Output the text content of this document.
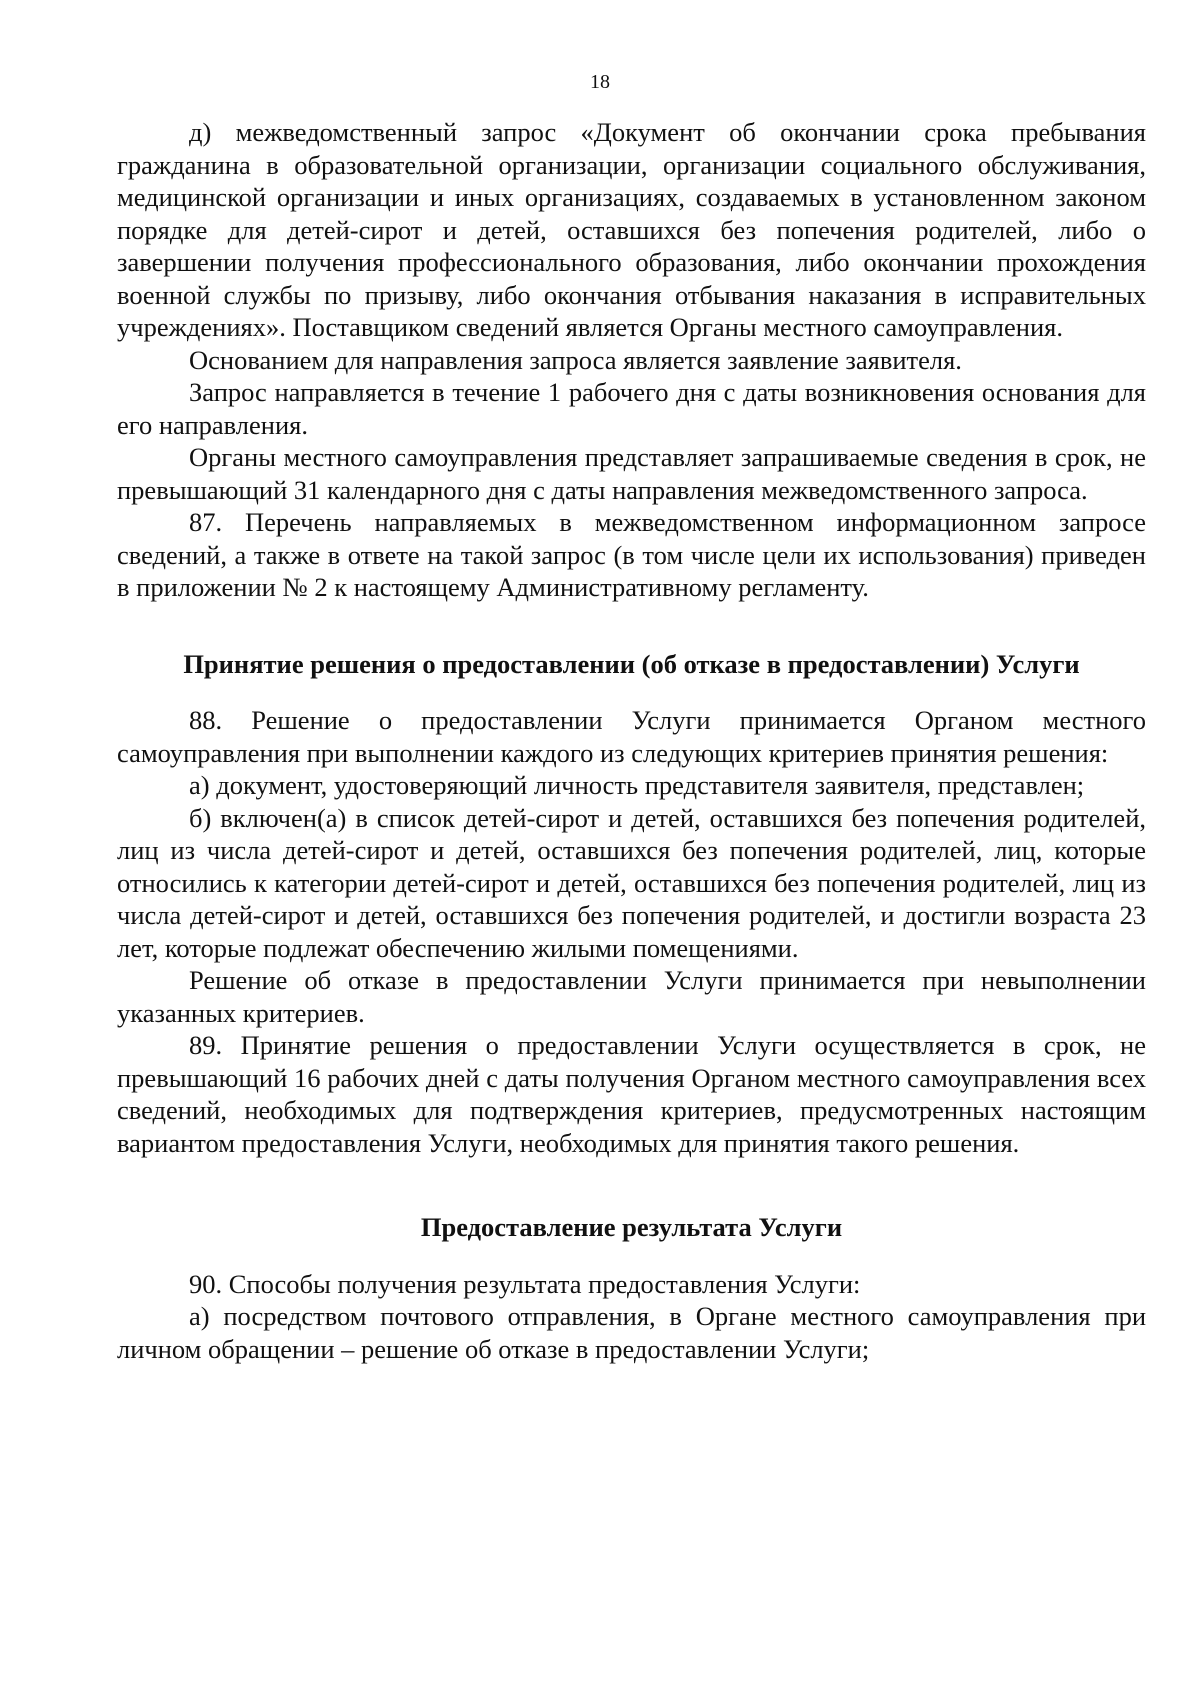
18

д) межведомственный запрос «Документ об окончании срока пребывания гражданина в образовательной организации, организации социального обслуживания, медицинской организации и иных организациях, создаваемых в установленном законом порядке для детей-сирот и детей, оставшихся без попечения родителей, либо о завершении получения профессионального образования, либо окончании прохождения военной службы по призыву, либо окончания отбывания наказания в исправительных учреждениях». Поставщиком сведений является Органы местного самоуправления.

Основанием для направления запроса является заявление заявителя.

Запрос направляется в течение 1 рабочего дня с даты возникновения основания для его направления.

Органы местного самоуправления представляет запрашиваемые сведения в срок, не превышающий 31 календарного дня с даты направления межведомственного запроса.

87. Перечень направляемых в межведомственном информационном запросе сведений, а также в ответе на такой запрос (в том числе цели их использования) приведен в приложении № 2 к настоящему Административному регламенту.

Принятие решения о предоставлении (об отказе в предоставлении) Услуги

88. Решение о предоставлении Услуги принимается Органом местного самоуправления при выполнении каждого из следующих критериев принятия решения:

а) документ, удостоверяющий личность представителя заявителя, представлен;

б) включен(а) в список детей-сирот и детей, оставшихся без попечения родителей, лиц из числа детей-сирот и детей, оставшихся без попечения родителей, лиц, которые относились к категории детей-сирот и детей, оставшихся без попечения родителей, лиц из числа детей-сирот и детей, оставшихся без попечения родителей, и достигли возраста 23 лет, которые подлежат обеспечению жилыми помещениями.

Решение об отказе в предоставлении Услуги принимается при невыполнении указанных критериев.

89. Принятие решения о предоставлении Услуги осуществляется в срок, не превышающий 16 рабочих дней с даты получения Органом местного самоуправления всех сведений, необходимых для подтверждения критериев, предусмотренных настоящим вариантом предоставления Услуги, необходимых для принятия такого решения.

Предоставление результата Услуги

90. Способы получения результата предоставления Услуги:

а) посредством почтового отправления, в Органе местного самоуправления при личном обращении – решение об отказе в предоставлении Услуги;
